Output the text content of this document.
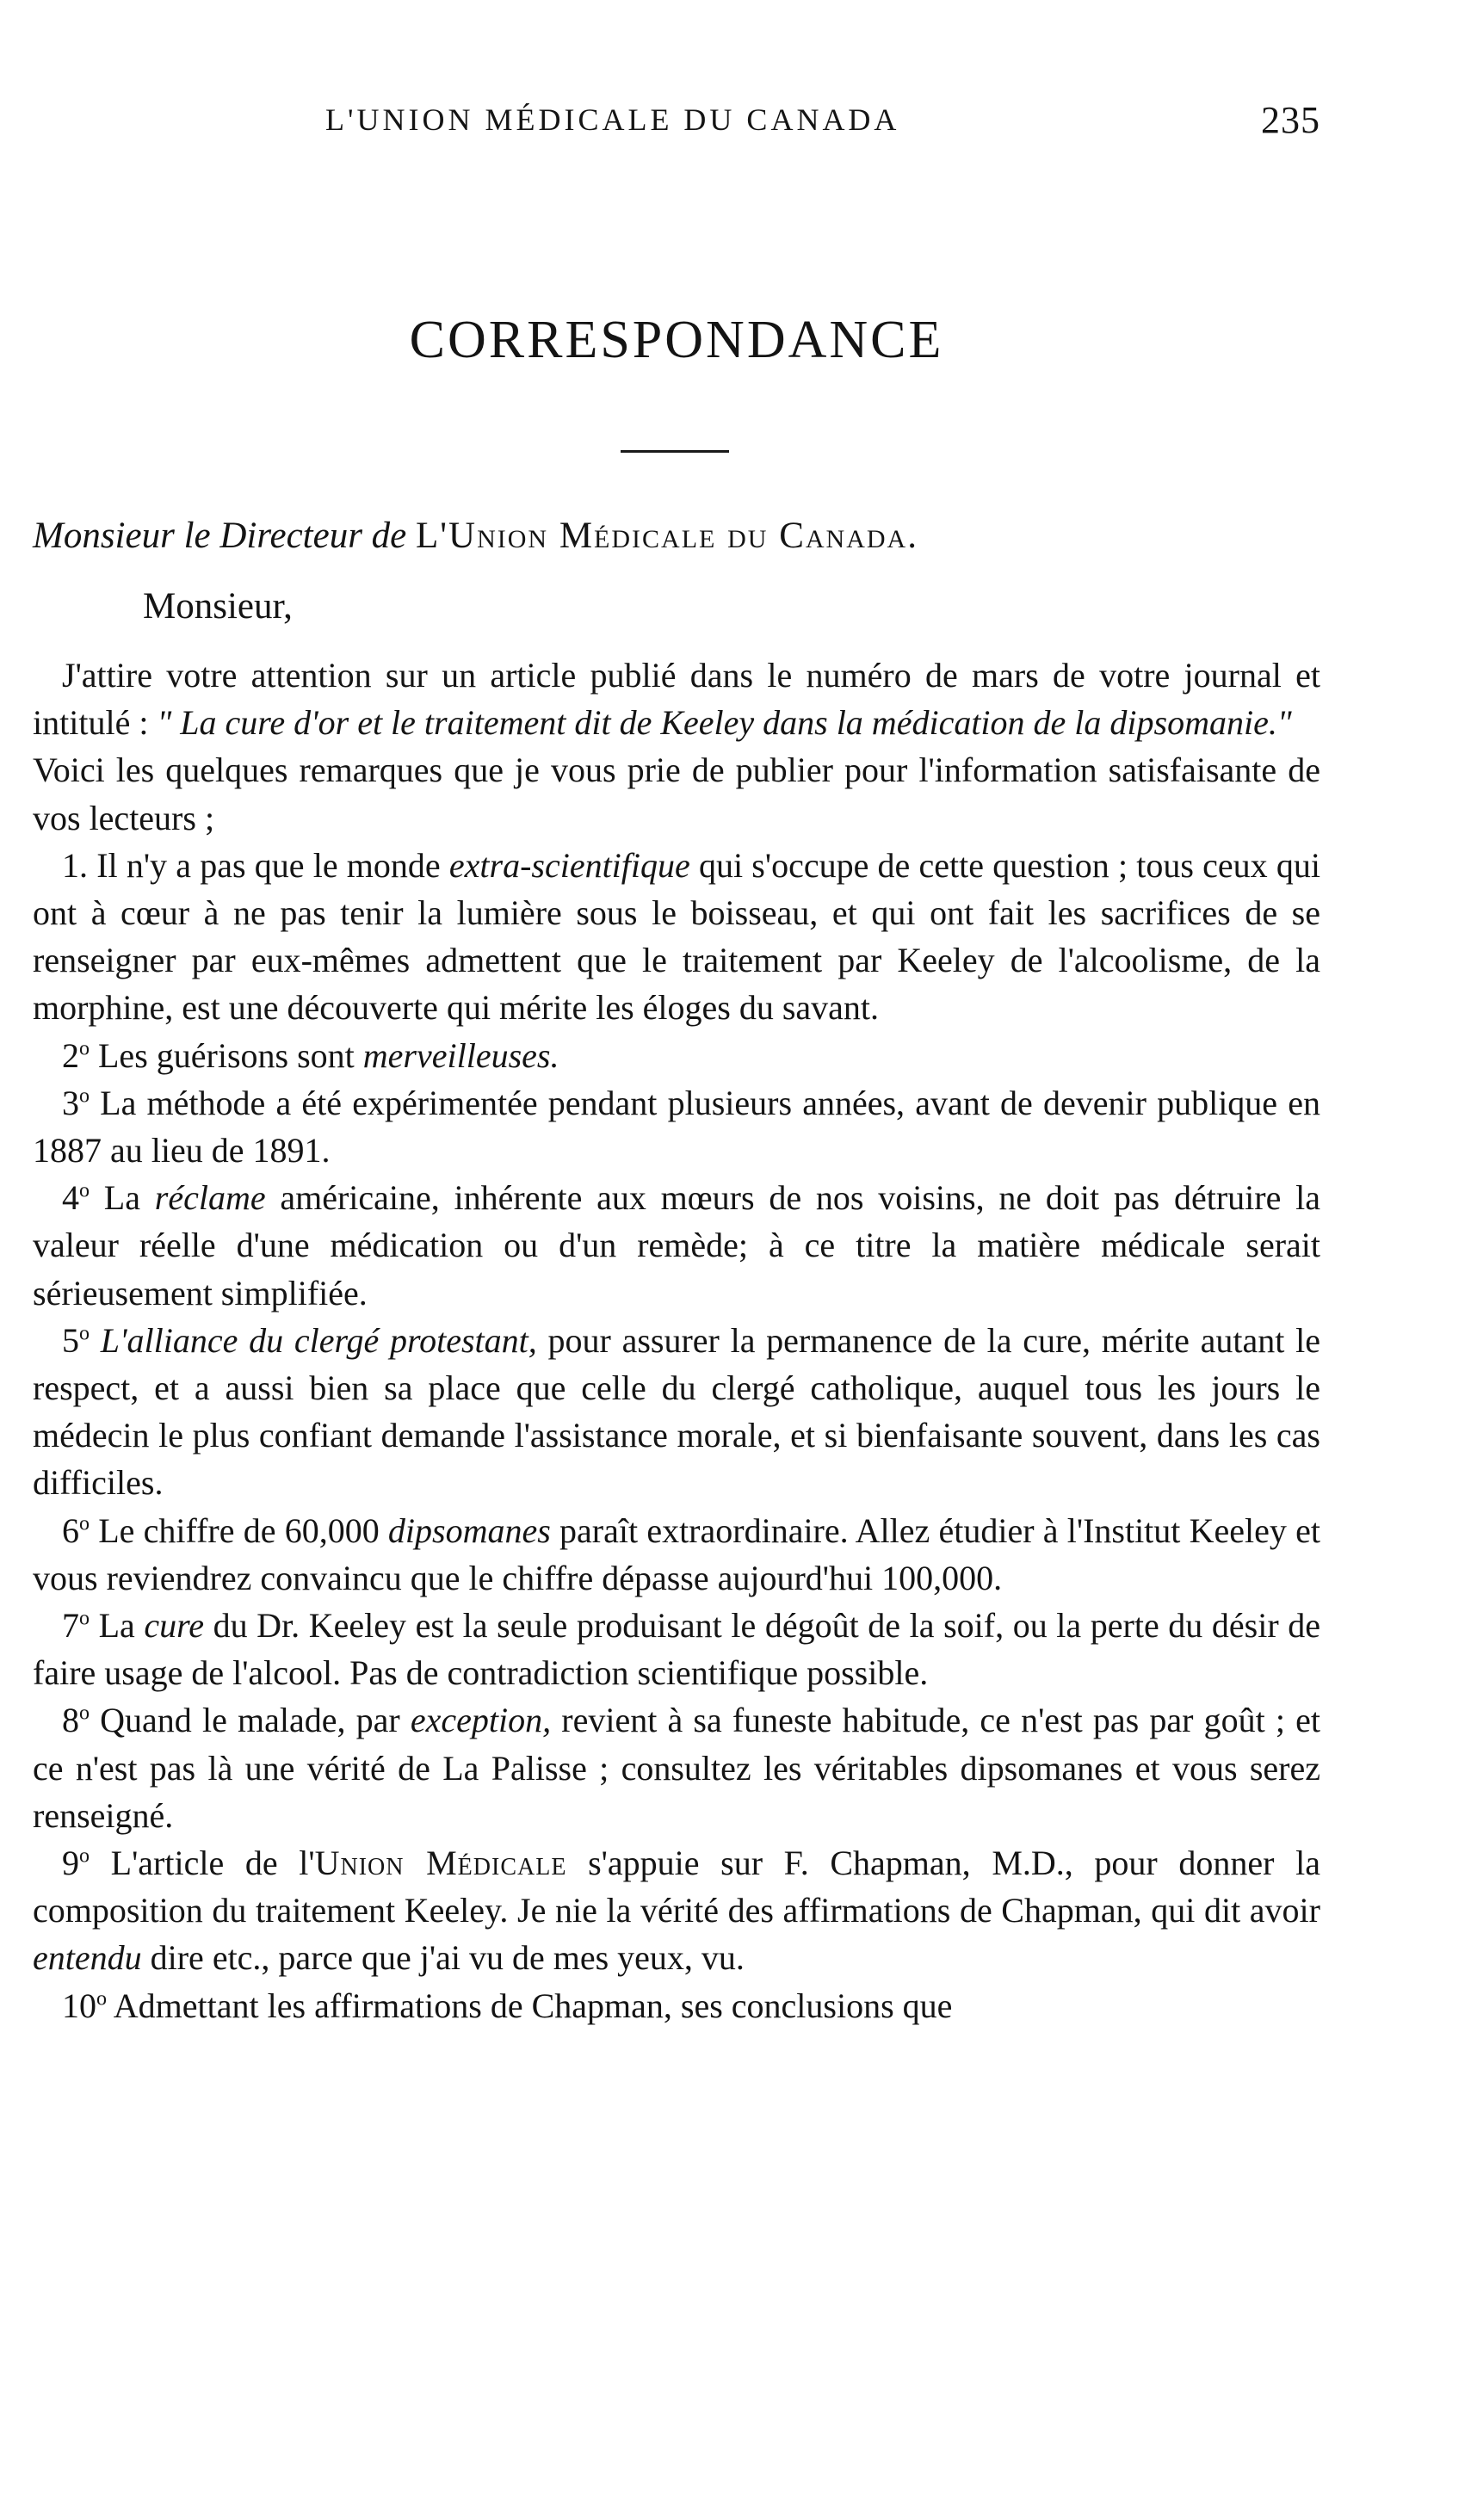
L'UNION MÉDICALE DU CANADA	235
CORRESPONDANCE
Monsieur le Directeur de L'Union Médicale du Canada.
Monsieur,

J'attire votre attention sur un article publié dans le numéro de mars de votre journal et intitulé : " La cure d'or et le traitement dit de Keeley dans la médication de la dipsomanie."

Voici les quelques remarques que je vous prie de publier pour l'information satisfaisante de vos lecteurs ;

1. Il n'y a pas que le monde extra-scientifique qui s'occupe de cette question ; tous ceux qui ont à cœur à ne pas tenir la lumière sous le boisseau, et qui ont fait les sacrifices de se renseigner par eux-mêmes admettent que le traitement par Keeley de l'alcoolisme, de la morphine, est une découverte qui mérite les éloges du savant.

2$^o$ Les guérisons sont merveilleuses.

3$^o$ La méthode a été expérimentée pendant plusieurs années, avant de devenir publique en 1887 au lieu de 1891.

4$^o$ La réclame américaine, inhérente aux mœurs de nos voisins, ne doit pas détruire la valeur réelle d'une médication ou d'un remède; à ce titre la matière médicale serait sérieusement simplifiée.

5$^o$ L'alliance du clergé protestant, pour assurer la permanence de la cure, mérite autant le respect, et a aussi bien sa place que celle du clergé catholique, auquel tous les jours le médecin le plus confiant demande l'assistance morale, et si bienfaisante souvent, dans les cas difficiles.

6$^o$ Le chiffre de 60,000 dipsomanes paraît extraordinaire. Allez étudier à l'Institut Keeley et vous reviendrez convaincu que le chiffre dépasse aujourd'hui 100,000.

7$^o$ La cure du Dr. Keeley est la seule produisant le dégoût de la soif, ou la perte du désir de faire usage de l'alcool. Pas de contradiction scientifique possible.

8$^o$ Quand le malade, par exception, revient à sa funeste habitude, ce n'est pas par goût ; et ce n'est pas là une vérité de La Palisse ; consultez les véritables dipsomanes et vous serez renseigné.

9$^o$ L'article de l'Union Médicale s'appuie sur F. Chapman, M.D., pour donner la composition du traitement Keeley. Je nie la vérité des affirmations de Chapman, qui dit avoir entendu dire etc., parce que j'ai vu de mes yeux, vu.

10$^o$ Admettant les affirmations de Chapman, ses conclusions que
